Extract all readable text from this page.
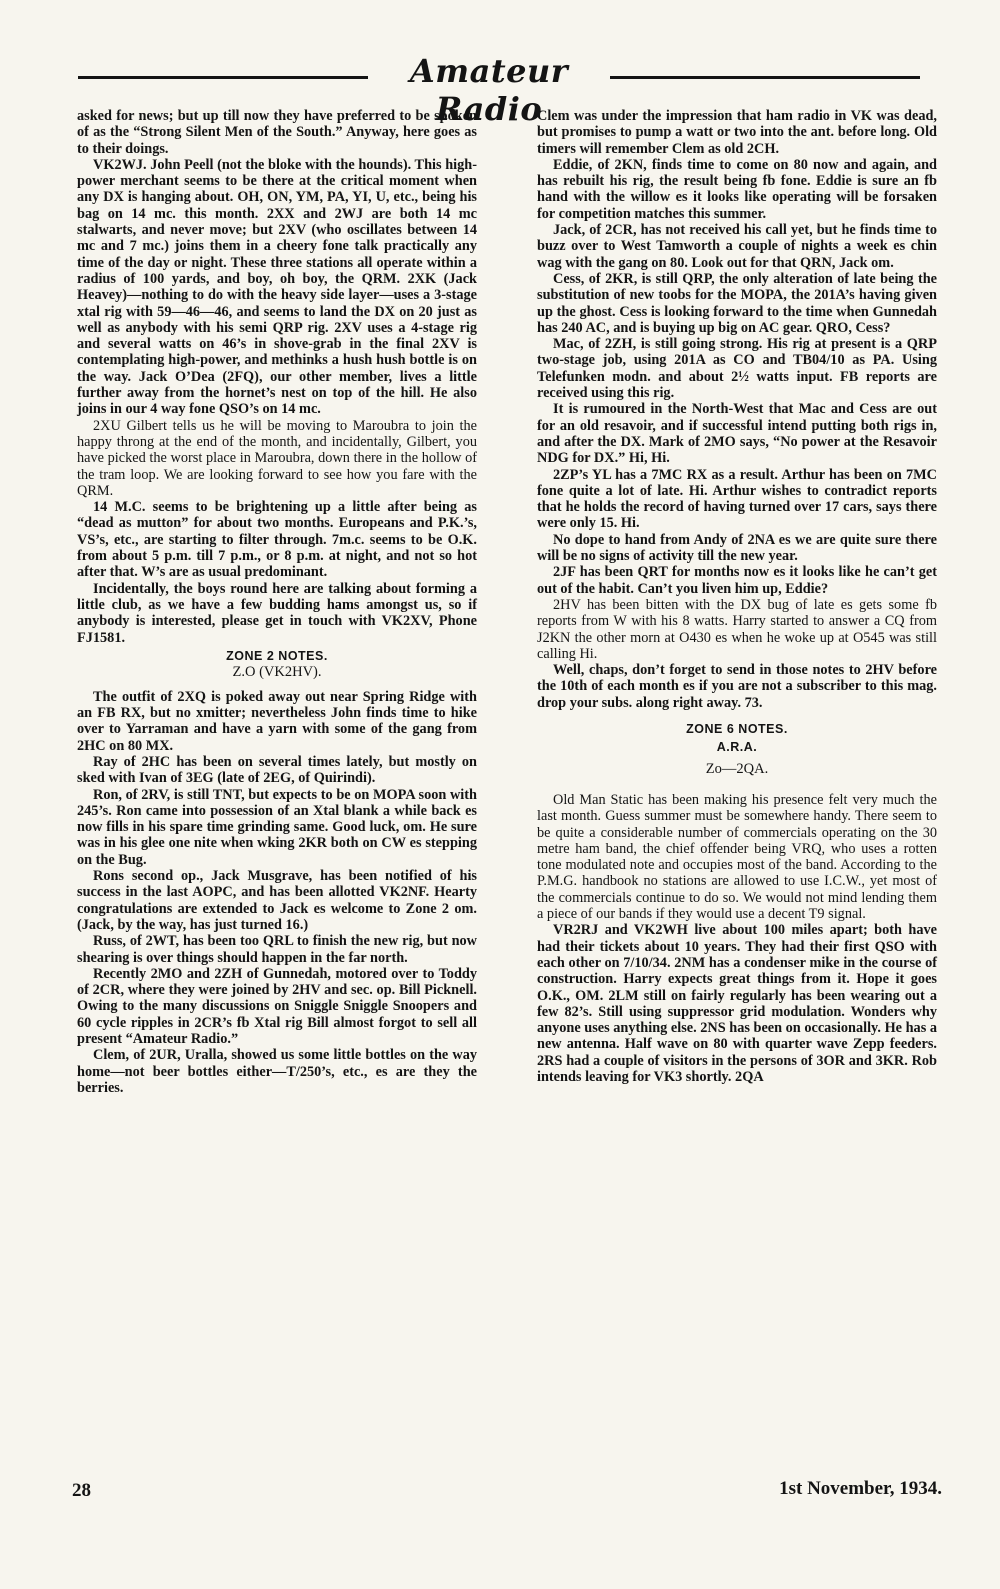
Amateur Radio

asked for news; but up till now they have preferred to be spoken of as the “Strong Silent Men of the South.” Anyway, here goes as to their doings.

VK2WJ. John Peell (not the bloke with the hounds). This high-power merchant seems to be there at the critical moment when any DX is hanging about. OH, ON, YM, PA, YI, U, etc., being his bag on 14 mc. this month. 2XX and 2WJ are both 14 mc stalwarts, and never move; but 2XV (who oscillates between 14 mc and 7 mc.) joins them in a cheery fone talk practically any time of the day or night. These three stations all operate within a radius of 100 yards, and boy, oh boy, the QRM. 2XK (Jack Heavey)—nothing to do with the heavy side layer—uses a 3-stage xtal rig with 59—46—46, and seems to land the DX on 20 just as well as anybody with his semi QRP rig. 2XV uses a 4-stage rig and several watts on 46’s in shove-grab in the final 2XV is contemplating high-power, and methinks a hush hush bottle is on the way. Jack O’Dea (2FQ), our other member, lives a little further away from the hornet’s nest on top of the hill. He also joins in our 4 way fone QSO’s on 14 mc.

2XU Gilbert tells us he will be moving to Maroubra to join the happy throng at the end of the month, and incidentally, Gilbert, you have picked the worst place in Maroubra, down there in the hollow of the tram loop. We are looking forward to see how you fare with the QRM.

14 M.C. seems to be brightening up a little after being as “dead as mutton” for about two months. Europeans and P.K.’s, VS’s, etc., are starting to filter through. 7m.c. seems to be O.K. from about 5 p.m. till 7 p.m., or 8 p.m. at night, and not so hot after that. W’s are as usual predominant.

Incidentally, the boys round here are talking about forming a little club, as we have a few budding hams amongst us, so if anybody is interested, please get in touch with VK2XV, Phone FJ1581.

ZONE 2 NOTES.
Z.O (VK2HV).

The outfit of 2XQ is poked away out near Spring Ridge with an FB RX, but no xmitter; nevertheless John finds time to hike over to Yarraman and have a yarn with some of the gang from 2HC on 80 MX.

Ray of 2HC has been on several times lately, but mostly on sked with Ivan of 3EG (late of 2EG, of Quirindi).

Ron, of 2RV, is still TNT, but expects to be on MOPA soon with 245’s. Ron came into possession of an Xtal blank a while back es now fills in his spare time grinding same. Good luck, om. He sure was in his glee one nite when wking 2KR both on CW es stepping on the Bug.

Rons second op., Jack Musgrave, has been notified of his success in the last AOPC, and has been allotted VK2NF. Hearty congratulations are extended to Jack es welcome to Zone 2 om. (Jack, by the way, has just turned 16.)

Russ, of 2WT, has been too QRL to finish the new rig, but now shearing is over things should happen in the far north.

Recently 2MO and 2ZH of Gunnedah, motored over to Toddy of 2CR, where they were joined by 2HV and sec. op. Bill Picknell. Owing to the many discussions on Sniggle Sniggle Snoopers and 60 cycle ripples in 2CR’s fb Xtal rig Bill almost forgot to sell all present “Amateur Radio.”

Clem, of 2UR, Uralla, showed us some little bottles on the way home—not beer bottles either—T/250’s, etc., es are they the berries.

Clem was under the impression that ham radio in VK was dead, but promises to pump a watt or two into the ant. before long. Old timers will remember Clem as old 2CH.

Eddie, of 2KN, finds time to come on 80 now and again, and has rebuilt his rig, the result being fb fone. Eddie is sure an fb hand with the willow es it looks like operating will be forsaken for competition matches this summer.

Jack, of 2CR, has not received his call yet, but he finds time to buzz over to West Tamworth a couple of nights a week es chin wag with the gang on 80. Look out for that QRN, Jack om.

Cess, of 2KR, is still QRP, the only alteration of late being the substitution of new toobs for the MOPA, the 201A’s having given up the ghost. Cess is looking forward to the time when Gunnedah has 240 AC, and is buying up big on AC gear. QRO, Cess?

Mac, of 2ZH, is still going strong. His rig at present is a QRP two-stage job, using 201A as CO and TB04/10 as PA. Using Telefunken modn. and about 2½ watts input. FB reports are received using this rig.

It is rumoured in the North-West that Mac and Cess are out for an old resavoir, and if successful intend putting both rigs in, and after the DX. Mark of 2MO says, “No power at the Resavoir NDG for DX.” Hi, Hi.

2ZP’s YL has a 7MC RX as a result. Arthur has been on 7MC fone quite a lot of late. Hi. Arthur wishes to contradict reports that he holds the record of having turned over 17 cars, says there were only 15. Hi.

No dope to hand from Andy of 2NA es we are quite sure there will be no signs of activity till the new year.

2JF has been QRT for months now es it looks like he can’t get out of the habit. Can’t you liven him up, Eddie?

2HV has been bitten with the DX bug of late es gets some fb reports from W with his 8 watts. Harry started to answer a CQ from J2KN the other morn at O430 es when he woke up at O545 was still calling Hi.

Well, chaps, don’t forget to send in those notes to 2HV before the 10th of each month es if you are not a subscriber to this mag. drop your subs. along right away. 73.

ZONE 6 NOTES.
A.R.A.
Zo—2QA.

Old Man Static has been making his presence felt very much the last month. Guess summer must be somewhere handy. There seem to be quite a considerable number of commercials operating on the 30 metre ham band, the chief offender being VRQ, who uses a rotten tone modulated note and occupies most of the band. According to the P.M.G. handbook no stations are allowed to use I.C.W., yet most of the commercials continue to do so. We would not mind lending them a piece of our bands if they would use a decent T9 signal.

VR2RJ and VK2WH live about 100 miles apart; both have had their tickets about 10 years. They had their first QSO with each other on 7/10/34. 2NM has a condenser mike in the course of construction. Harry expects great things from it. Hope it goes O.K., OM. 2LM still on fairly regularly has been wearing out a few 82’s. Still using suppressor grid modulation. Wonders why anyone uses anything else. 2NS has been on occasionally. He has a new antenna. Half wave on 80 with quarter wave Zepp feeders. 2RS had a couple of visitors in the persons of 3OR and 3KR. Rob intends leaving for VK3 shortly. 2QA

28	1st November, 1934.
